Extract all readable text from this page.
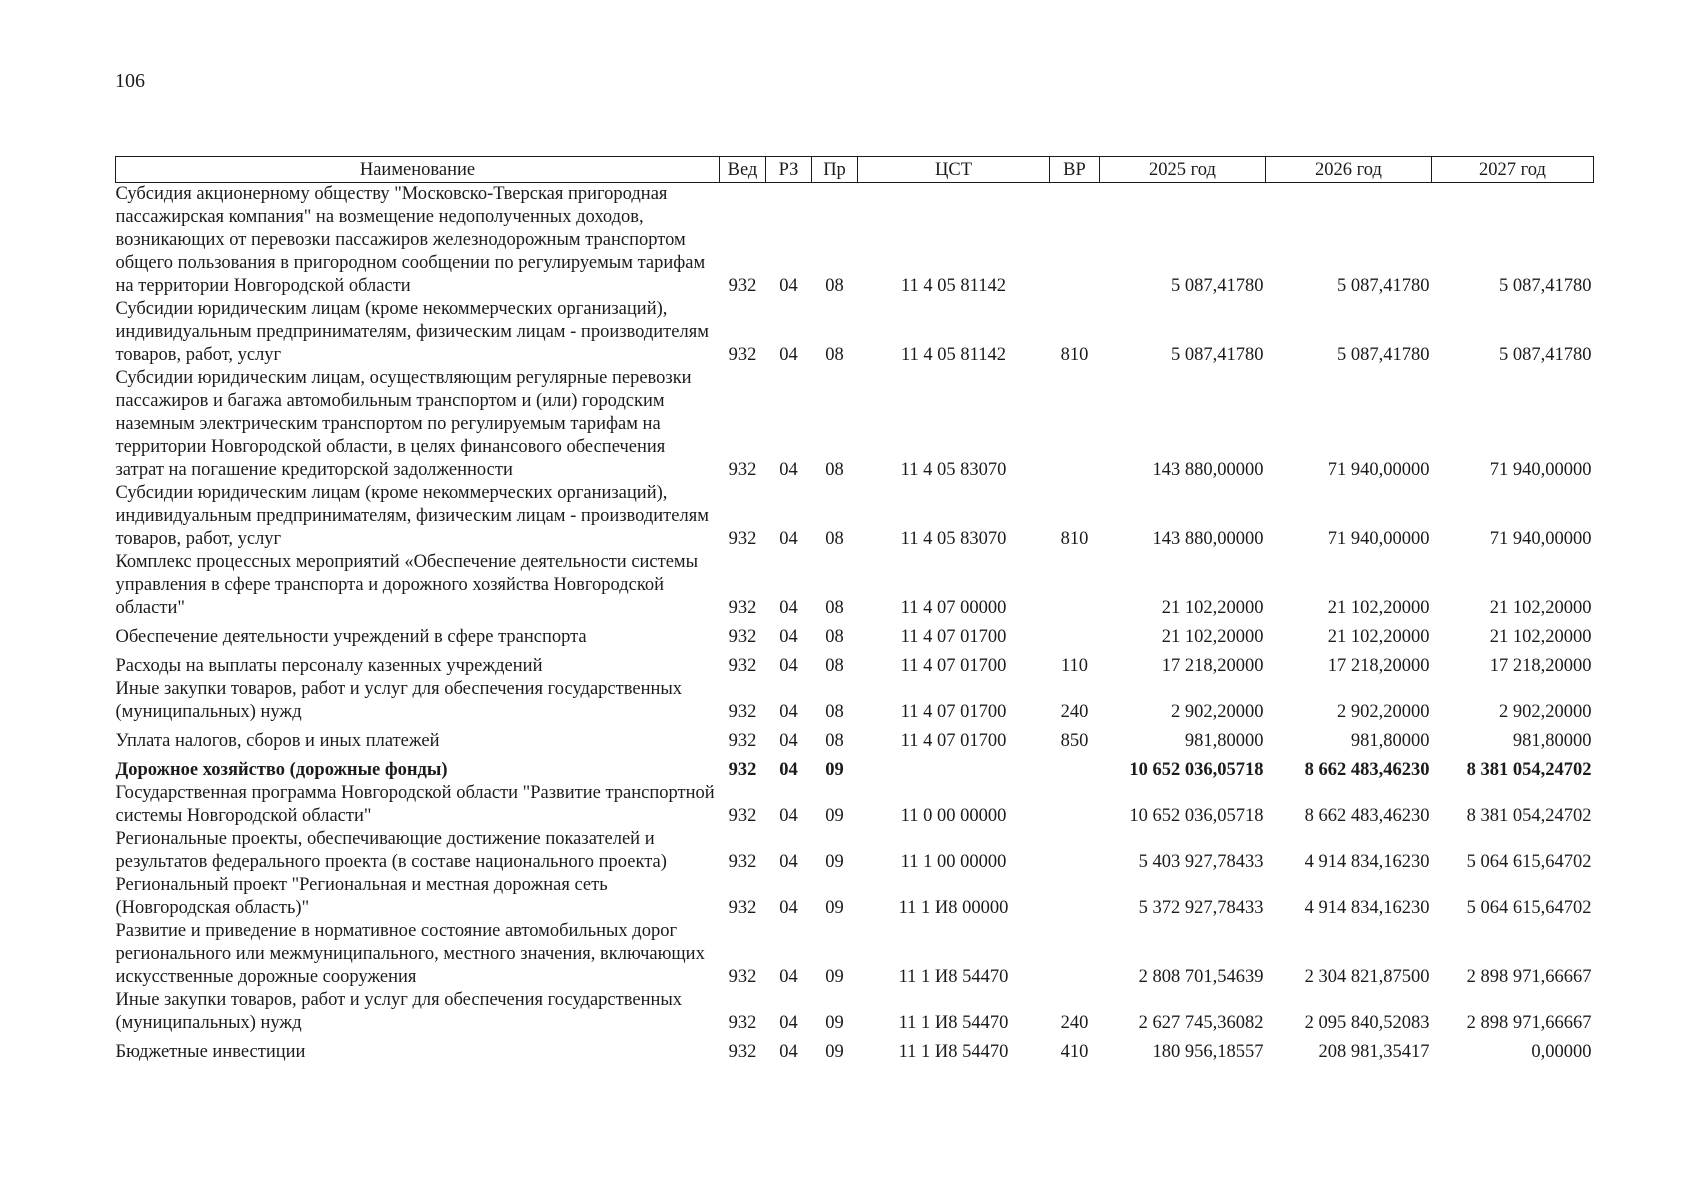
106
Наименование	Вед	РЗ	Пр	ЦСТ	ВР	2025 год	2026 год	2027 год
Субсидия акционерному обществу "Московско-Тверская пригородная пассажирская компания" на возмещение недополученных доходов, возникающих от перевозки пассажиров железнодорожным транспортом общего пользования в пригородном сообщении по регулируемым тарифам на территории Новгородской области	932	04	08	11 4 05 81142		5 087,41780	5 087,41780	5 087,41780
Субсидии юридическим лицам (кроме некоммерческих организаций), индивидуальным предпринимателям, физическим лицам - производителям товаров, работ, услуг	932	04	08	11 4 05 81142	810	5 087,41780	5 087,41780	5 087,41780
Субсидии юридическим лицам, осуществляющим регулярные перевозки пассажиров и багажа автомобильным транспортом и (или) городским наземным электрическим транспортом по регулируемым тарифам на территории Новгородской области, в целях финансового обеспечения затрат на погашение кредиторской задолженности	932	04	08	11 4 05 83070		143 880,00000	71 940,00000	71 940,00000
Субсидии юридическим лицам (кроме некоммерческих организаций), индивидуальным предпринимателям, физическим лицам - производителям товаров, работ, услуг	932	04	08	11 4 05 83070	810	143 880,00000	71 940,00000	71 940,00000
Комплекс процессных мероприятий «Обеспечение деятельности системы управления в сфере транспорта и дорожного хозяйства Новгородской области"	932	04	08	11 4 07 00000		21 102,20000	21 102,20000	21 102,20000
Обеспечение деятельности учреждений в сфере транспорта	932	04	08	11 4 07 01700		21 102,20000	21 102,20000	21 102,20000
Расходы на выплаты персоналу казенных учреждений	932	04	08	11 4 07 01700	110	17 218,20000	17 218,20000	17 218,20000
Иные закупки товаров, работ и услуг для обеспечения государственных (муниципальных) нужд	932	04	08	11 4 07 01700	240	2 902,20000	2 902,20000	2 902,20000
Уплата налогов, сборов и иных платежей	932	04	08	11 4 07 01700	850	981,80000	981,80000	981,80000
Дорожное хозяйство (дорожные фонды)	932	04	09			10 652 036,05718	8 662 483,46230	8 381 054,24702
Государственная программа Новгородской области "Развитие транспортной системы Новгородской области"	932	04	09	11 0 00 00000		10 652 036,05718	8 662 483,46230	8 381 054,24702
Региональные проекты, обеспечивающие достижение показателей и результатов федерального проекта (в составе национального проекта)	932	04	09	11 1 00 00000		5 403 927,78433	4 914 834,16230	5 064 615,64702
Региональный проект "Региональная и местная дорожная сеть (Новгородская область)"	932	04	09	11 1 И8 00000		5 372 927,78433	4 914 834,16230	5 064 615,64702
Развитие и приведение в нормативное состояние автомобильных дорог регионального или межмуниципального, местного значения, включающих искусственные дорожные сооружения	932	04	09	11 1 И8 54470		2 808 701,54639	2 304 821,87500	2 898 971,66667
Иные закупки товаров, работ и услуг для обеспечения государственных (муниципальных) нужд	932	04	09	11 1 И8 54470	240	2 627 745,36082	2 095 840,52083	2 898 971,66667
Бюджетные инвестиции	932	04	09	11 1 И8 54470	410	180 956,18557	208 981,35417	0,00000
